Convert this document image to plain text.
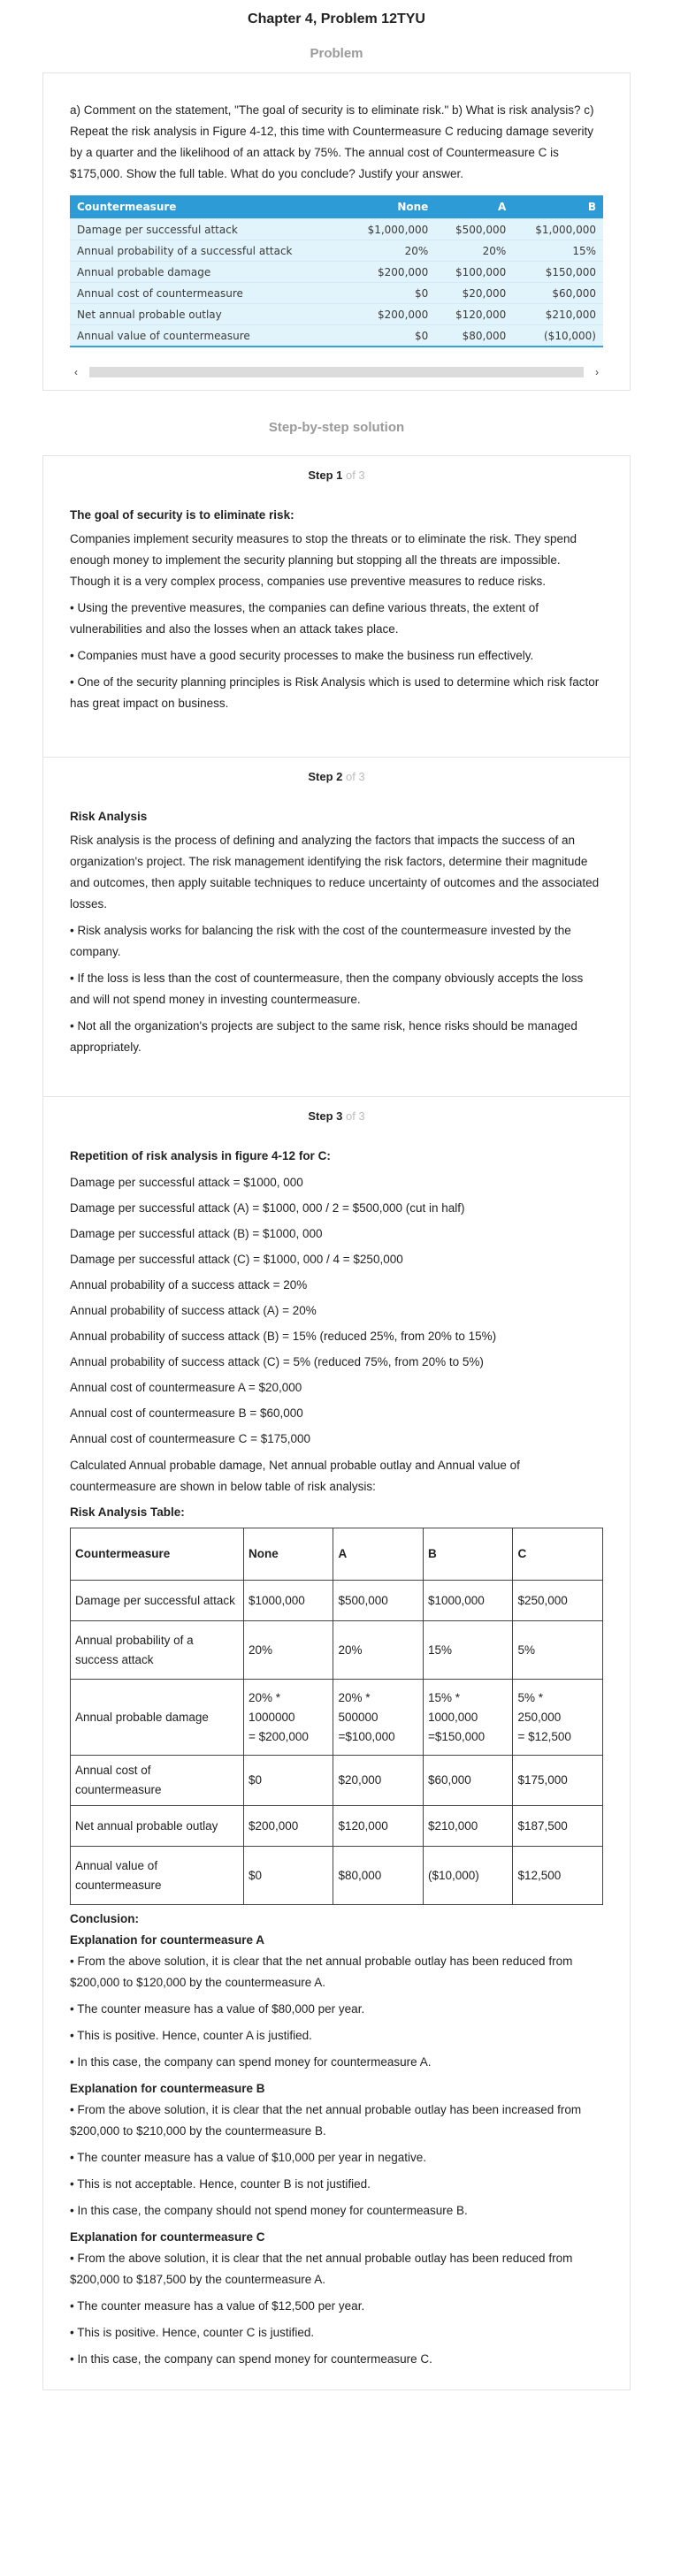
Chapter 4, Problem 12TYU
Problem
a) Comment on the statement, "The goal of security is to eliminate risk." b) What is risk analysis? c) Repeat the risk analysis in Figure 4-12, this time with Countermeasure C reducing damage severity by a quarter and the likelihood of an attack by 75%. The annual cost of Countermeasure C is $175,000. Show the full table. What do you conclude? Justify your answer.
Countermeasure	None	A	B
Damage per successful attack	$1,000,000	$500,000	$1,000,000
Annual probability of a successful attack	20%	20%	15%
Annual probable damage	$200,000	$100,000	$150,000
Annual cost of countermeasure	$0	$20,000	$60,000
Net annual probable outlay	$200,000	$120,000	$210,000
Annual value of countermeasure	$0	$80,000	($10,000)
‹	›
Step-by-step solution
Step 1 of 3
The goal of security is to eliminate risk:

Companies implement security measures to stop the threats or to eliminate the risk. They spend enough money to implement the security planning but stopping all the threats are impossible. Though it is a very complex process, companies use preventive measures to reduce risks.

• Using the preventive measures, the companies can define various threats, the extent of vulnerabilities and also the losses when an attack takes place.

• Companies must have a good security processes to make the business run effectively.

• One of the security planning principles is Risk Analysis which is used to determine which risk factor has great impact on business.

Step 2 of 3
Risk Analysis

Risk analysis is the process of defining and analyzing the factors that impacts the success of an organization's project. The risk management identifying the risk factors, determine their magnitude and outcomes, then apply suitable techniques to reduce uncertainty of outcomes and the associated losses.

• Risk analysis works for balancing the risk with the cost of the countermeasure invested by the company.

• If the loss is less than the cost of countermeasure, then the company obviously accepts the loss and will not spend money in investing countermeasure.

• Not all the organization's projects are subject to the same risk, hence risks should be managed appropriately.

Step 3 of 3
Repetition of risk analysis in figure 4-12 for C:

Damage per successful attack = $1000, 000

Damage per successful attack (A) = $1000, 000 / 2 = $500,000 (cut in half)

Damage per successful attack (B) = $1000, 000

Damage per successful attack (C) = $1000, 000 / 4 = $250,000

Annual probability of a success attack = 20%

Annual probability of success attack (A) = 20%

Annual probability of success attack (B) = 15% (reduced 25%, from 20% to 15%)

Annual probability of success attack (C) = 5% (reduced 75%, from 20% to 5%)

Annual cost of countermeasure A = $20,000

Annual cost of countermeasure B = $60,000

Annual cost of countermeasure C = $175,000

Calculated Annual probable damage, Net annual probable outlay and Annual value of countermeasure are shown in below table of risk analysis:

Risk Analysis Table:
Countermeasure	None	A	B	C
Damage per successful attack	$1000,000	$500,000	$1000,000	$250,000
Annual probability of a success attack	20%	20%	15%	5%
Annual probable damage	20% *
1000000
= $200,000	20% *
500000
=$100,000	15% *
1000,000
=$150,000	5% *
250,000
= $12,500
Annual cost of countermeasure	$0	$20,000	$60,000	$175,000
Net annual probable outlay	$200,000	$120,000	$210,000	$187,500
Annual value of countermeasure	$0	$80,000	($10,000)	$12,500
Conclusion:
Explanation for countermeasure A

• From the above solution, it is clear that the net annual probable outlay has been reduced from $200,000 to $120,000 by the countermeasure A.

• The counter measure has a value of $80,000 per year.

• This is positive. Hence, counter A is justified.

• In this case, the company can spend money for countermeasure A.

Explanation for countermeasure B

• From the above solution, it is clear that the net annual probable outlay has been increased from $200,000 to $210,000 by the countermeasure B.

• The counter measure has a value of $10,000 per year in negative.

• This is not acceptable. Hence, counter B is not justified.

• In this case, the company should not spend money for countermeasure B.

Explanation for countermeasure C

• From the above solution, it is clear that the net annual probable outlay has been reduced from $200,000 to $187,500 by the countermeasure A.

• The counter measure has a value of $12,500 per year.

• This is positive. Hence, counter C is justified.

• In this case, the company can spend money for countermeasure C.
